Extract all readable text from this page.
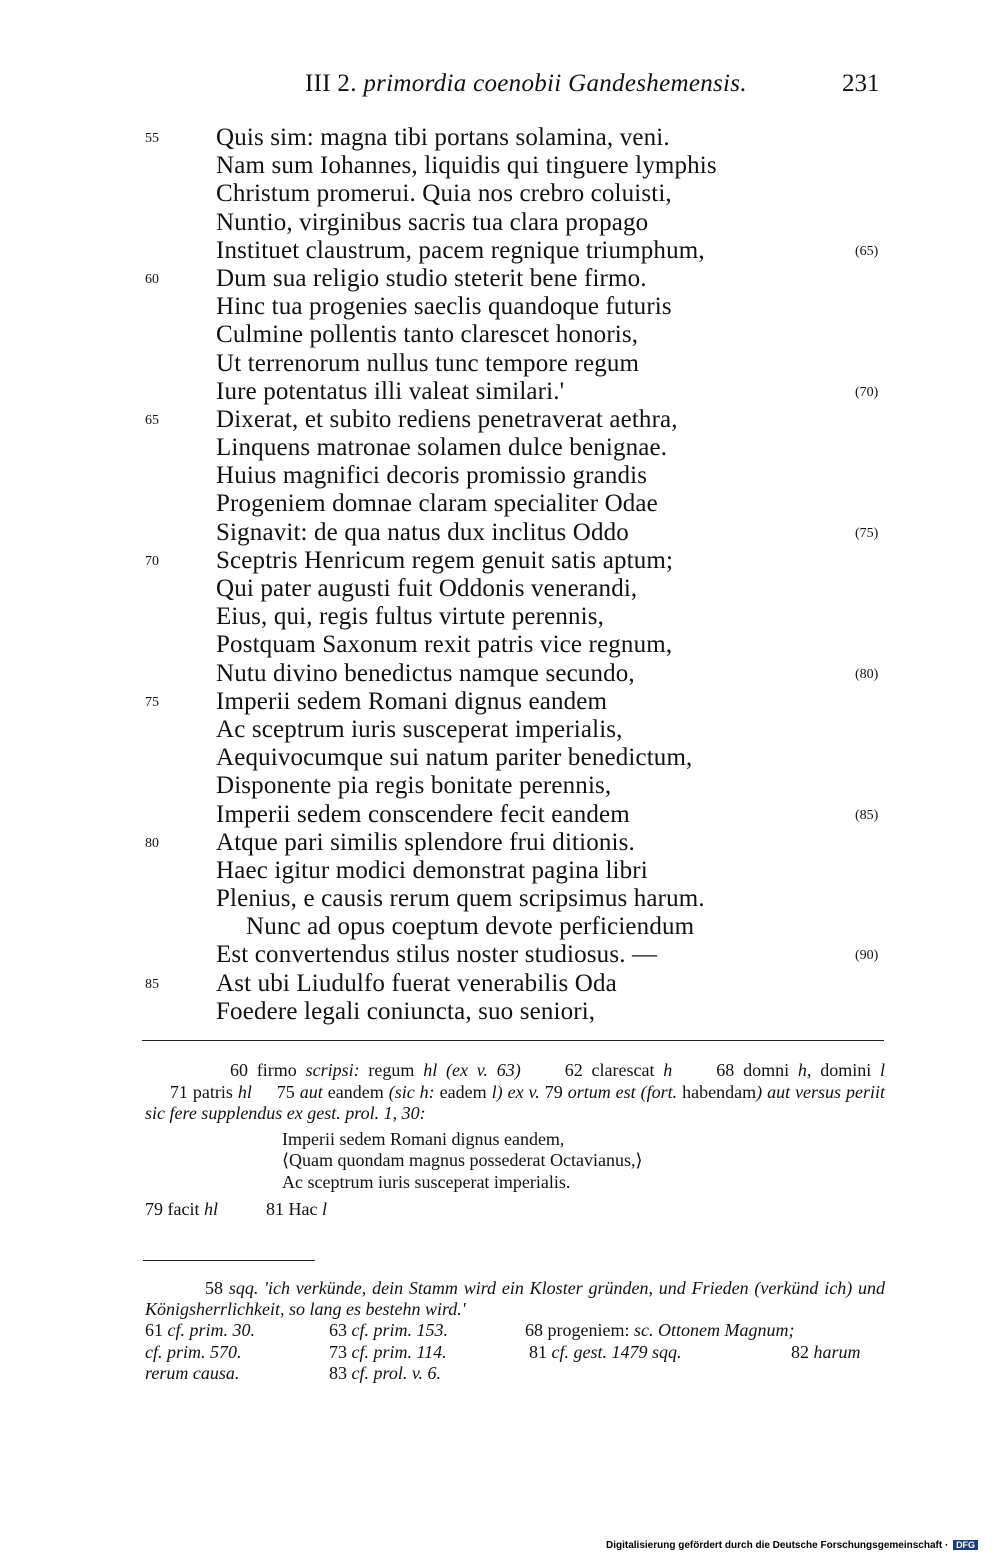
III 2. primordia coenobii Gandeshemensis.	231
55 Quis sim: magna tibi portans solamina, veni.
Nam sum Iohannes, liquidis qui tinguere lymphis
Christum promerui. Quia nos crebro coluisti,
Nuntio, virginibus sacris tua clara propago
Instituet claustrum, pacem regnique triumphum,	(65)
60 Dum sua religio studio steterit bene firmo.
Hinc tua progenies saeclis quandoque futuris
Culmine pollentis tanto clarescet honoris,
Ut terrenorum nullus tunc tempore regum
Iure potentatus illi valeat similari.'	(70)
65 Dixerat, et subito rediens penetraverat aethra,
Linquens matronae solamen dulce benignae.
Huius magnifici decoris promissio grandis
Progeniem domnae claram specialiter Odae
Signavit: de qua natus dux inclitus Oddo	(75)
70 Sceptris Henricum regem genuit satis aptum;
Qui pater augusti fuit Oddonis venerandi,
Eius, qui, regis fultus virtute perennis,
Postquam Saxonum rexit patris vice regnum,
Nutu divino benedictus namque secundo,	(80)
75 Imperii sedem Romani dignus eandem
Ac sceptrum iuris susceperat imperialis,
Aequivocumque sui natum pariter benedictum,
Disponente pia regis bonitate perennis,
Imperii sedem conscendere fecit eandem	(85)
80 Atque pari similis splendore frui ditionis.
Haec igitur modici demonstrat pagina libri
Plenius, e causis rerum quem scripsimus harum.
Nunc ad opus coeptum devote perficiendum
Est convertendus stilus noster studiosus. —	(90)
85 Ast ubi Liudulfo fuerat venerabilis Oda
Foedere legali coniuncta, suo seniori,

60 firmo scripsi: regum hl (ex v. 63)     62 clarescat h     68 domni h, domini l     71 patris hl     75 aut eandem (sic h: eadem l) ex v. 79 ortum est (fort. habendam) aut versus periit sic fere supplendus ex gest. prol. 1, 30:

Imperii sedem Romani dignus eandem,
⟨Quam quondam magnus possederat Octavianus,⟩
Ac sceptrum iuris susceperat imperialis.

79 facit hl	81 Hac l

58 sqq. 'ich verkünde, dein Stamm wird ein Kloster gründen, und Frieden (verkünd ich) und Königsherrlichkeit, so lang es bestehn wird.'

61 cf. prim. 30.	63 cf. prim. 153.	68 progeniem: sc. Ottonem Magnum;
cf. prim. 570.	73 cf. prim. 114.	81 cf. gest. 1479 sqq.	82 harum
rerum causa.	83 cf. prol. v. 6.
Digitalisierung gefördert durch die Deutsche Forschungsgemeinschaft · DFG
